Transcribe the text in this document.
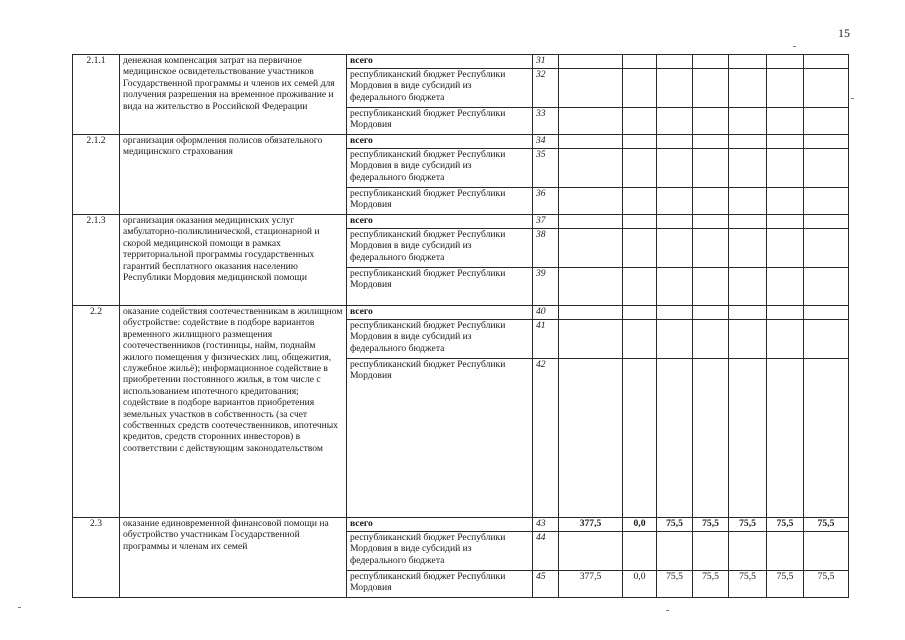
15
2.1.1	денежная компенсация затрат на первичное медицинское освидетельствование участников Государственной программы и членов их семей для получения разрешения на временное проживание и вида на жительство в Российской Федерации	всего	31							
		республиканский бюджет Республики Мордовия в виде субсидий из федерального бюджета	32							
		республиканский бюджет Республики Мордовия	33							
2.1.2	организация оформления полисов обязательного медицинского страхования	всего	34							
		республиканский бюджет Республики Мордовия в виде субсидий из федерального бюджета	35							
		республиканский бюджет Республики Мордовия	36							
2.1.3	организация оказания медицинских услуг амбулаторно-поликлинической, стационарной и скорой медицинской помощи в рамках территориальной программы государственных гарантий бесплатного оказания населению Республики Мордовия медицинской помощи	всего	37							
		республиканский бюджет Республики Мордовия в виде субсидий из федерального бюджета	38							
		республиканский бюджет Республики Мордовия	39							
2.2	оказание содействия соотечественникам в жилищном обустройстве: содействие в подборе вариантов временного жилищного размещения соотечественников (гостиницы, найм, поднайм жилого помещения у физических лиц, общежития, служебное жильё); информационное содействие в приобретении постоянного жилья, в том числе с использованием ипотечного кредитования; содействие в подборе вариантов приобретения земельных участков в собственность (за счет собственных средств соотечественников, ипотечных кредитов, средств сторонних инвесторов) в соответствии с действующим законодательством	всего	40							
		республиканский бюджет Республики Мордовия в виде субсидий из федерального бюджета	41							
		республиканский бюджет Республики Мордовия	42							
2.3	оказание единовременной финансовой помощи на обустройство участникам Государственной программы и членам их семей	всего	43	377,5	0,0	75,5	75,5	75,5	75,5	75,5
		республиканский бюджет Республики Мордовия в виде субсидий из федерального бюджета	44							
		республиканский бюджет Республики Мордовия	45	377,5	0,0	75,5	75,5	75,5	75,5	75,5
